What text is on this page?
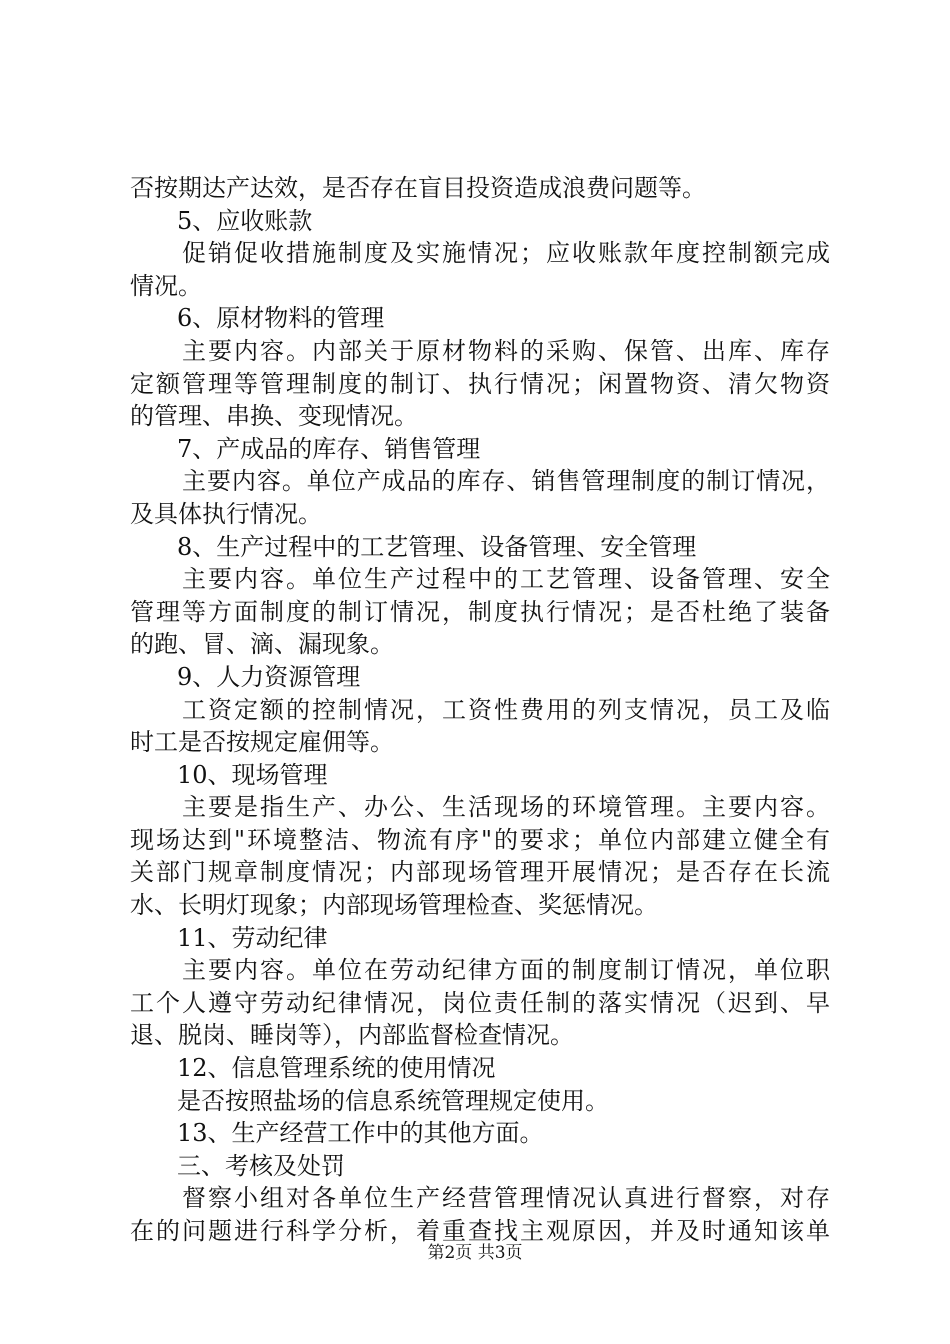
否按期达产达效，是否存在盲目投资造成浪费问题等。
5、应收账款
促销促收措施制度及实施情况；应收账款年度控制额完成
情况。
6、原材物料的管理
主要内容。内部关于原材物料的采购、保管、出库、库存
定额管理等管理制度的制订、执行情况；闲置物资、清欠物资
的管理、串换、变现情况。
7、产成品的库存、销售管理
主要内容。单位产成品的库存、销售管理制度的制订情况，
及具体执行情况。
8、生产过程中的工艺管理、设备管理、安全管理
主要内容。单位生产过程中的工艺管理、设备管理、安全
管理等方面制度的制订情况，制度执行情况；是否杜绝了装备
的跑、冒、滴、漏现象。
9、人力资源管理
工资定额的控制情况，工资性费用的列支情况，员工及临
时工是否按规定雇佣等。
10、现场管理
主要是指生产、办公、生活现场的环境管理。主要内容。
现场达到"环境整洁、物流有序"的要求；单位内部建立健全有
关部门规章制度情况；内部现场管理开展情况；是否存在长流
水、长明灯现象；内部现场管理检查、奖惩情况。
11、劳动纪律
主要内容。单位在劳动纪律方面的制度制订情况，单位职
工个人遵守劳动纪律情况，岗位责任制的落实情况（迟到、早
退、脱岗、睡岗等），内部监督检查情况。
12、信息管理系统的使用情况
是否按照盐场的信息系统管理规定使用。
13、生产经营工作中的其他方面。
三、考核及处罚
督察小组对各单位生产经营管理情况认真进行督察，对存
在的问题进行科学分析，着重查找主观原因，并及时通知该单
第2页 共3页
